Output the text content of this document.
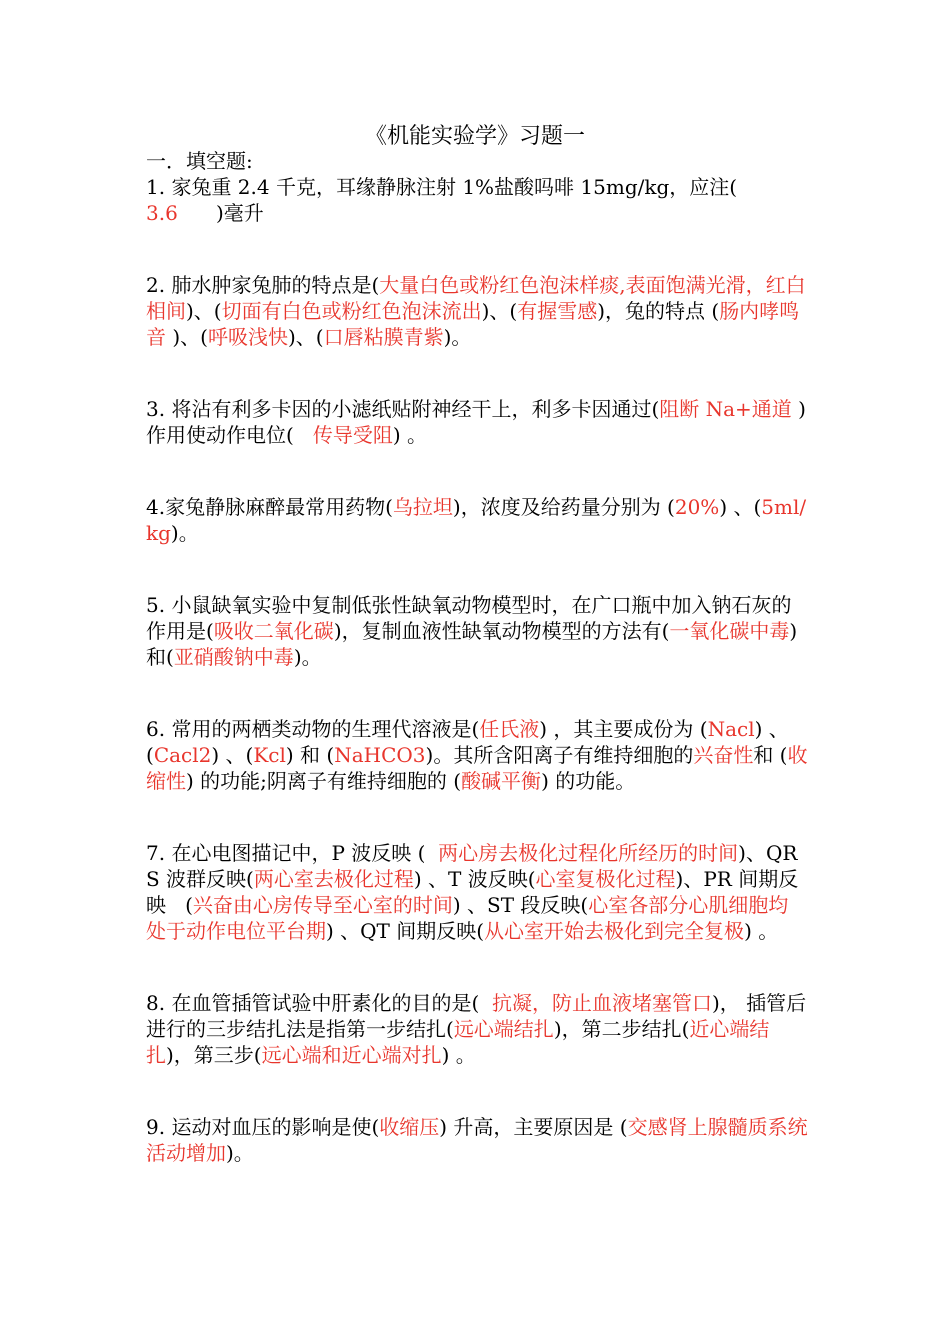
《机能实验学》习题一

一．填空题:

1. 家兔重 2.4 千克，耳缘静脉注射 1%盐酸吗啡 15mg/kg，应注(            3.6      )毫升

2. 肺水肿家兔肺的特点是(大量白色或粉红色泡沫样痰,表面饱满光滑，红白相间)、(切面有白色或粉红色泡沫流出)、(有握雪感)，兔的特点 (肠内哮鸣音 )、(呼吸浅快)、(口唇粘膜青紫)。

3. 将沾有利多卡因的小滤纸贴附神经干上，利多卡因通过(阻断 Na+通道 ) 作用使动作电位(   传导受阻) 。

4.家兔静脉麻醉最常用药物(乌拉坦)，浓度及给药量分别为 (20%) 、(5ml/kg)。

5. 小鼠缺氧实验中复制低张性缺氧动物模型时，在广口瓶中加入钠石灰的作用是(吸收二氧化碳)，复制血液性缺氧动物模型的方法有(一氧化碳中毒)和(亚硝酸钠中毒)。

6. 常用的两栖类动物的生理代溶液是(任氏液) ，其主要成份为 (Nacl) 、(Cacl2) 、(Kcl) 和 (NaHCO3)。其所含阳离子有维持细胞的兴奋性和 (收缩性) 的功能;阴离子有维持细胞的 (酸碱平衡) 的功能。

7. 在心电图描记中，P 波反映 (  两心房去极化过程化所经历的时间)、QRS 波群反映(两心室去极化过程) 、T 波反映(心室复极化过程)、PR 间期反映   (兴奋由心房传导至心室的时间) 、ST 段反映(心室各部分心肌细胞均处于动作电位平台期) 、QT 间期反映(从心室开始去极化到完全复极) 。

8. 在血管插管试验中肝素化的目的是(  抗凝，防止血液堵塞管口)， 插管后进行的三步结扎法是指第一步结扎(远心端结扎)，第二步结扎(近心端结扎)，第三步(远心端和近心端对扎) 。

9. 运动对血压的影响是使(收缩压) 升高，主要原因是 (交感肾上腺髓质系统活动增加)。
